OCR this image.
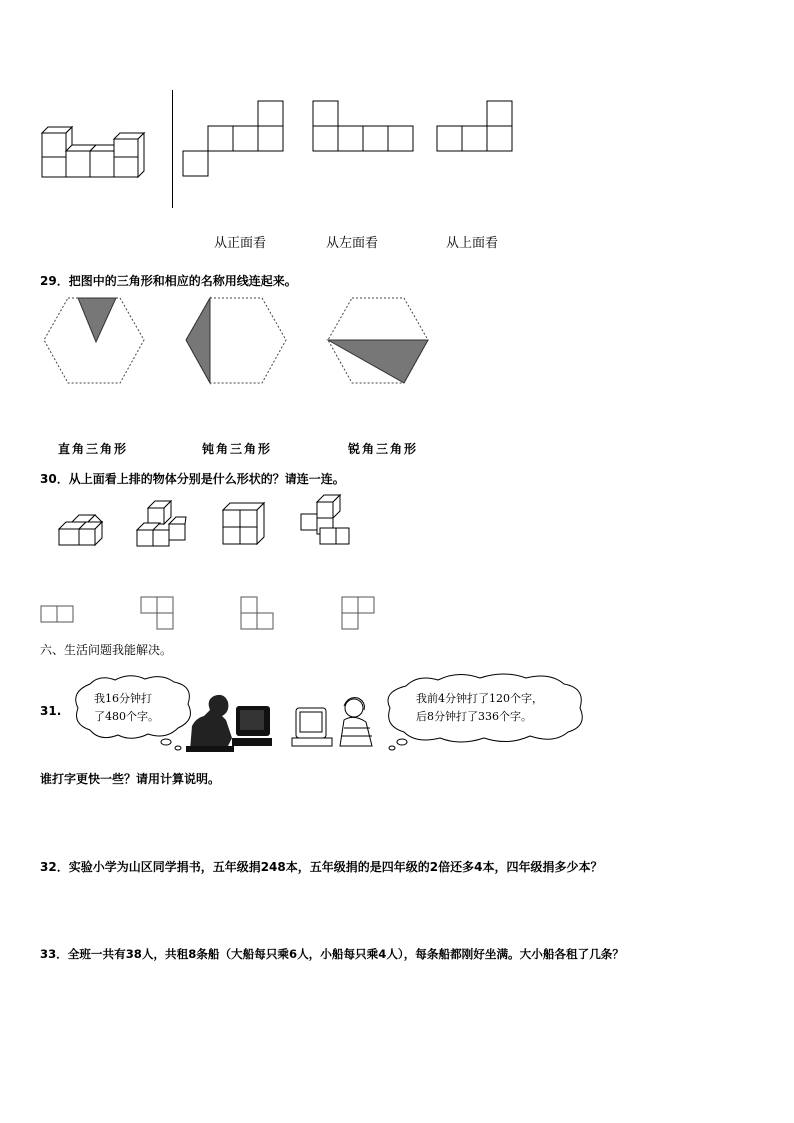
从正面看	从左面看	从上面看
29．把图中的三角形和相应的名称用线连起来。
直角三角形	钝角三角形	锐角三角形
30．从上面看上排的物体分别是什么形状的？请连一连。
六、生活问题我能解决。
31.
我16分钟打
了480个字。
我前4分钟打了120个字，
后8分钟打了336个字。
谁打字更快一些？请用计算说明。
32．实验小学为山区同学捐书，五年级捐248本，五年级捐的是四年级的2倍还多4本，四年级捐多少本？
33．全班一共有38人，共租8条船（大船每只乘6人，小船每只乘4人），每条船都刚好坐满。大小船各租了几条？
